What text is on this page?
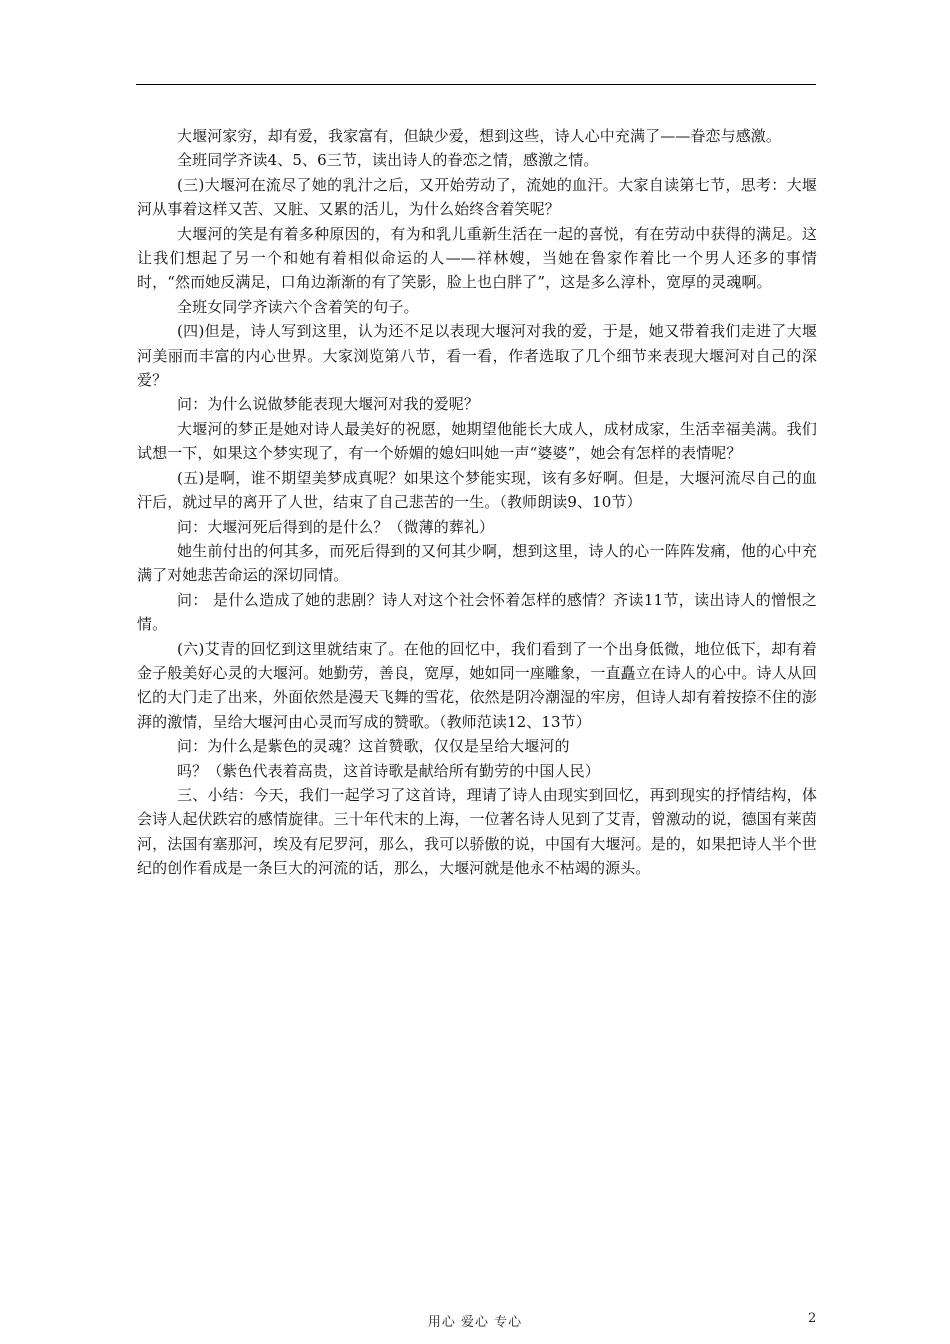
大堰河家穷，却有爱，我家富有，但缺少爱，想到这些，诗人心中充满了——眷恋与感激。

全班同学齐读4、5、6三节，读出诗人的眷恋之情，感激之情。

(三)大堰河在流尽了她的乳汁之后，又开始劳动了，流她的血汗。大家自读第七节，思考：大堰河从事着这样又苦、又脏、又累的活儿，为什么始终含着笑呢？

大堰河的笑是有着多种原因的，有为和乳儿重新生活在一起的喜悦，有在劳动中获得的满足。这让我们想起了另一个和她有着相似命运的人——祥林嫂，当她在鲁家作着比一个男人还多的事情时，“然而她反满足，口角边渐渐的有了笑影，脸上也白胖了”，这是多么淳朴，宽厚的灵魂啊。

全班女同学齐读六个含着笑的句子。

(四)但是，诗人写到这里，认为还不足以表现大堰河对我的爱，于是，她又带着我们走进了大堰河美丽而丰富的内心世界。大家浏览第八节，看一看，作者选取了几个细节来表现大堰河对自己的深爱？

问：为什么说做梦能表现大堰河对我的爱呢？

大堰河的梦正是她对诗人最美好的祝愿，她期望他能长大成人，成材成家，生活幸福美满。我们试想一下，如果这个梦实现了，有一个娇媚的媳妇叫她一声“婆婆”，她会有怎样的表情呢？

(五)是啊，谁不期望美梦成真呢？如果这个梦能实现，该有多好啊。但是，大堰河流尽自己的血汗后，就过早的离开了人世，结束了自己悲苦的一生。（教师朗读9、10节）

问：大堰河死后得到的是什么？（微薄的葬礼）

她生前付出的何其多，而死后得到的又何其少啊，想到这里，诗人的心一阵阵发痛，他的心中充满了对她悲苦命运的深切同情。

问： 是什么造成了她的悲剧？诗人对这个社会怀着怎样的感情？齐读11节，读出诗人的憎恨之情。

(六)艾青的回忆到这里就结束了。在他的回忆中，我们看到了一个出身低微，地位低下，却有着金子般美好心灵的大堰河。她勤劳，善良，宽厚，她如同一座雕象，一直矗立在诗人的心中。诗人从回忆的大门走了出来，外面依然是漫天飞舞的雪花，依然是阴冷潮湿的牢房，但诗人却有着按捺不住的澎湃的激情，呈给大堰河由心灵而写成的赞歌。（教师范读12、13节）

问：为什么是紫色的灵魂？这首赞歌，仅仅是呈给大堰河的

吗？（紫色代表着高贵，这首诗歌是献给所有勤劳的中国人民）

三、小结：今天，我们一起学习了这首诗，理请了诗人由现实到回忆，再到现实的抒情结构，体会诗人起伏跌宕的感情旋律。三十年代末的上海，一位著名诗人见到了艾青，曾激动的说，德国有莱茵河，法国有塞那河，埃及有尼罗河，那么，我可以骄傲的说，中国有大堰河。是的，如果把诗人半个世纪的创作看成是一条巨大的河流的话，那么，大堰河就是他永不枯竭的源头。

用心 爱心 专心	2
